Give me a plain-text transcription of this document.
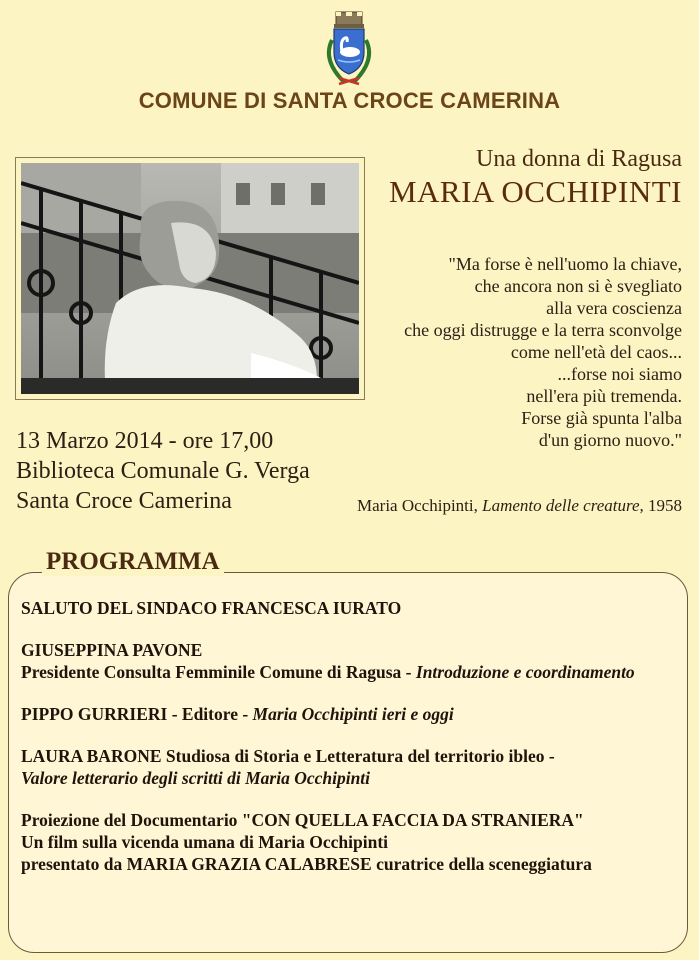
COMUNE DI SANTA CROCE CAMERINA
Una donna di Ragusa
MARIA OCCHIPINTI
"Ma forse è nell'uomo la chiave,
che ancora non si è svegliato
alla vera coscienza
che oggi distrugge e la terra sconvolge
come nell'età del caos...
...forse noi siamo
nell'era più tremenda.
Forse già spunta l'alba
d'un giorno nuovo."
Maria Occhipinti, Lamento delle creature, 1958
13 Marzo 2014 - ore 17,00
Biblioteca Comunale G. Verga
Santa Croce Camerina
PROGRAMMA

SALUTO DEL SINDACO FRANCESCA IURATO

GIUSEPPINA PAVONE
Presidente Consulta Femminile Comune di Ragusa - Introduzione e coordinamento

PIPPO GURRIERI - Editore - Maria Occhipinti ieri e oggi

LAURA BARONE Studiosa di Storia e Letteratura del territorio ibleo -
Valore letterario degli scritti di Maria Occhipinti

Proiezione del Documentario "CON QUELLA FACCIA DA STRANIERA"
Un film sulla vicenda umana di Maria Occhipinti
presentato da MARIA GRAZIA CALABRESE curatrice della sceneggiatura
